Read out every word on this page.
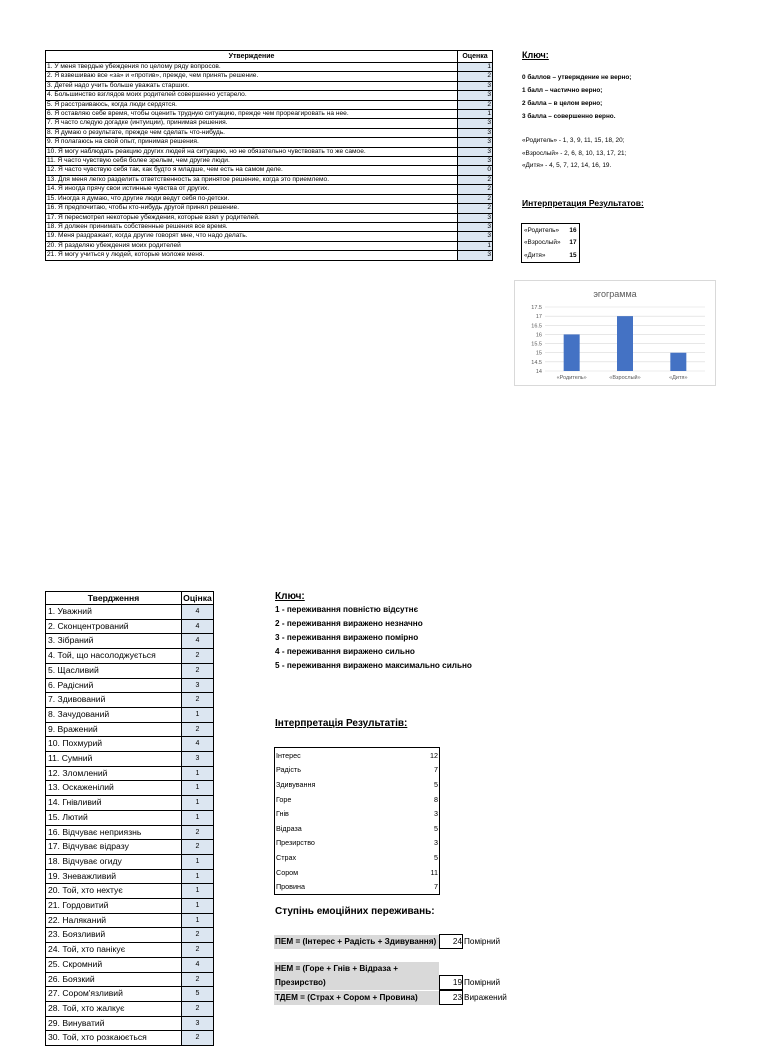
Утверждение	Оценка
1. У меня твердые убеждения по целому ряду вопросов.	1
2. Я взвешиваю все «за» и «против», прежде, чем принять решение.	2
3. Детей надо учить больше уважать старших.	3
4. Большинство взглядов моих родителей совершенно устарело.	3
5. Я расстраиваюсь, когда люди сердятся.	2
6. Я оставляю себе время, чтобы оценить трудную ситуацию, прежде чем прореагировать на нее.	1
7. Я часто следую догадке (интуиции), принимая решения.	3
8. Я думаю о результате, прежде чем сделать что-нибудь.	3
9. Я полагаюсь на свой опыт, принимая решения.	3
10. Я могу наблюдать реакцию других людей на ситуацию, но не обязательно чувствовать то же самое.	3
11. Я часто чувствую себя более зрелым, чем другие люди.	3
12. Я часто чувствую себя так, как будто я младше, чем есть на самом деле.	0
13. Для меня легко разделить ответственность за принятое решение, когда это приемлемо.	2
14. Я иногда прячу свои истинные чувства от других.	2
15. Иногда я думаю, что другие люди ведут себя по-детски.	2
16. Я предпочитаю, чтобы кто-нибудь другой принял решение.	2
17. Я пересмотрел некоторые убеждения, которые взял у родителей.	3
18. Я должен принимать собственные решения все время.	3
19. Меня раздражает, когда другие говорят мне, что надо делать.	3
20. Я разделяю убеждения моих родителей	1
21. Я могу учиться у людей, которые моложе меня.	3
Ключ:
0 баллов – утверждение не верно;
1 балл – частично верно;
2 балла – в целом верно;
3 балла – совершенно верно.
«Родитель» - 1, 3, 9, 11, 15, 18, 20;
«Взрослый» - 2, 6, 8, 10, 13, 17, 21;
«Дитя» - 4, 5, 7, 12, 14, 16, 19.
Интерпретация Результатов:
«Родитель»	16
«Взрослый»	17
«Дитя»	15
эгограмма
17.5
17
16.5
16
15.5
15
14.5
14
«Родитель»	«Взрослый»	«Дитя»
Твердження	Оцінка
1. Уважний	4
2. Сконцентрований	4
3. Зібраний	4
4. Той, що насолоджується	2
5. Щасливий	2
6. Радісний	3
7. Здивований	2
8. Зачудований	1
9. Вражений	2
10. Похмурий	4
11. Сумний	3
12. Зломлений	1
13. Оскаженілий	1
14. Гнівливий	1
15. Лютий	1
16. Відчуває неприязнь	2
17. Відчуває відразу	2
18. Відчуває огиду	1
19. Зневажливий	1
20. Той, хто нехтує	1
21. Гордовитий	1
22. Наляканий	1
23. Боязливий	2
24. Той, хто панікує	2
25. Скромний	4
26. Боязкий	2
27. Сором'язливий	5
28. Той, хто жалкує	2
29. Винуватий	3
30. Той, хто розкаюється	2
Ключ:
1 - переживання повністю відсутнє
2 - переживання виражено незначно
3 - переживання виражено помірно
4 - переживання виражено сильно
5 - переживання виражено максимально сильно
Інтерпретація Результатів:
Інтерес	12
Радість	7
Здивування	5
Горе	8
Гнів	3
Відраза	5
Презирство	3
Страх	5
Сором	11
Провина	7
Ступінь емоційних переживань:
ПЕМ = (Інтерес + Радість + Здивування) 24 Помірний
НЕМ = (Горе + Гнів + Відраза + Презирство)	19 Помірний
ТДЕМ = (Страх + Сором + Провина)	23 Виражений
